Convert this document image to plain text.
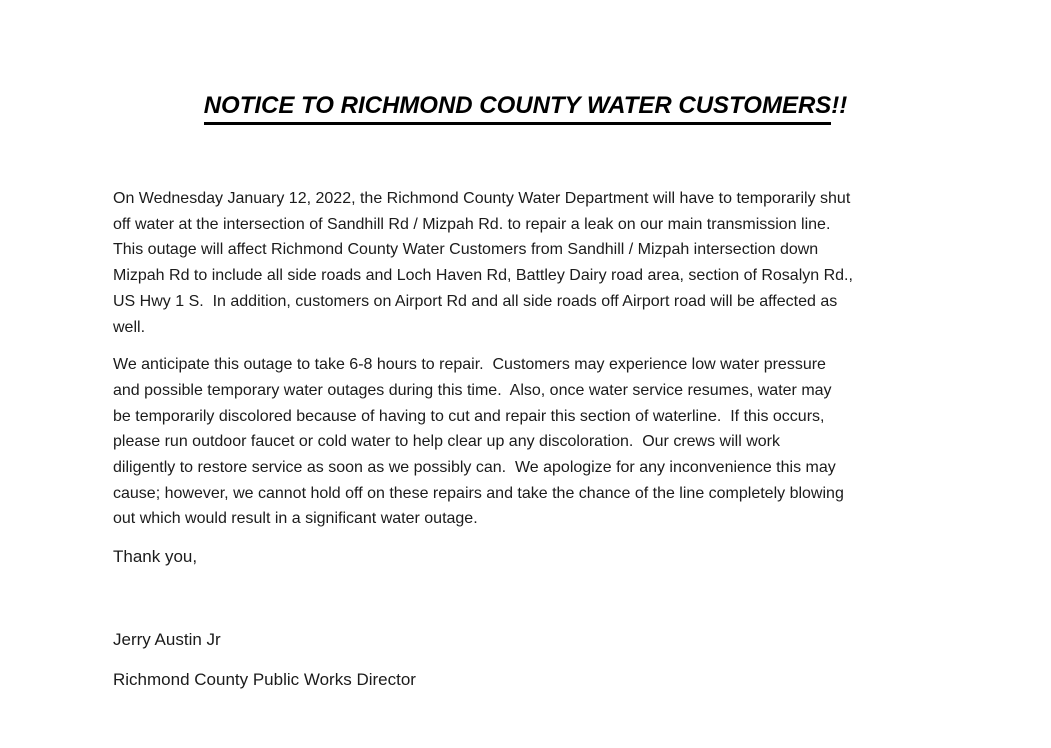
NOTICE TO RICHMOND COUNTY WATER CUSTOMERS!!
On Wednesday January 12, 2022, the Richmond County Water Department will have to temporarily shut
off water at the intersection of Sandhill Rd / Mizpah Rd. to repair a leak on our main transmission line.
This outage will affect Richmond County Water Customers from Sandhill / Mizpah intersection down
Mizpah Rd to include all side roads and Loch Haven Rd, Battley Dairy road area, section of Rosalyn Rd.,
US Hwy 1 S.  In addition, customers on Airport Rd and all side roads off Airport road will be affected as
well.
We anticipate this outage to take 6-8 hours to repair.  Customers may experience low water pressure
and possible temporary water outages during this time.  Also, once water service resumes, water may
be temporarily discolored because of having to cut and repair this section of waterline.  If this occurs,
please run outdoor faucet or cold water to help clear up any discoloration.  Our crews will work
diligently to restore service as soon as we possibly can.  We apologize for any inconvenience this may
cause; however, we cannot hold off on these repairs and take the chance of the line completely blowing
out which would result in a significant water outage.
Thank you,
Jerry Austin Jr
Richmond County Public Works Director
